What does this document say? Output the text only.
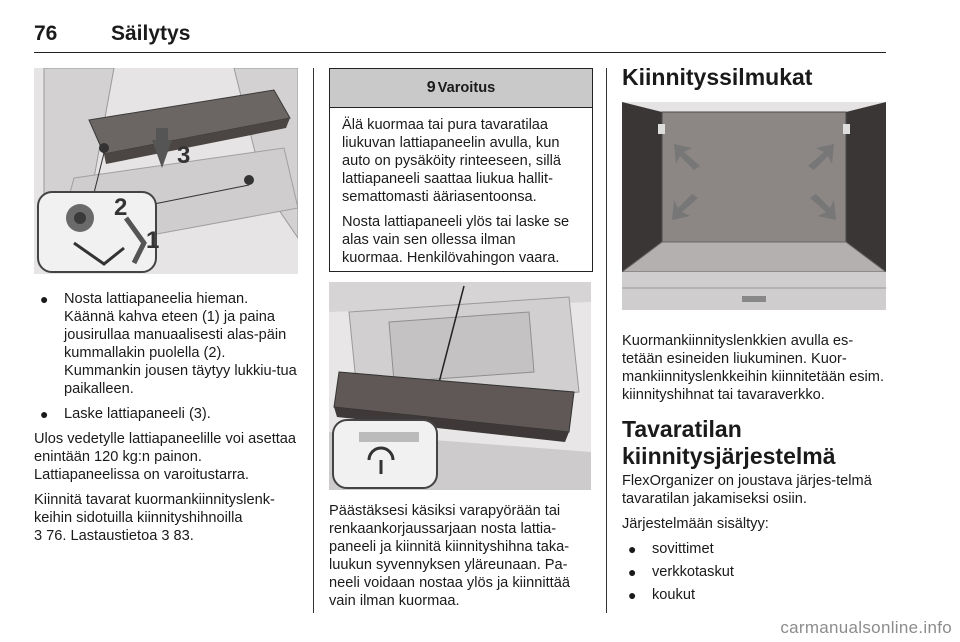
76	Säilytys
3
2
1
● Nosta lattiapaneelia hieman. Käännä kahva eteen (1) ja paina jousirullaa manuaalisesti alas-päin kummallakin puolella (2). Kummankin jousen täytyy lukkiu-tua paikalleen.
● Laske lattiapaneeli (3).

Ulos vedetylle lattiapaneelille voi asettaa enintään 120 kg:n painon. Lattiapaneelissa on varoitustarra.

Kiinnitä tavarat kuormankiinnityslenk-keihin sidotuilla kiinnityshihnoilla

3 76. Lastaustietoa 3 83.

9 Varoitus

Älä kuormaa tai pura tavaratilaa liukuvan lattiapaneelin avulla, kun auto on pysäköity rinteeseen, sillä lattiapaneeli saattaa liukua hallit-semattomasti ääriasentoonsa.

Nosta lattiapaneeli ylös tai laske se alas vain sen ollessa ilman kuormaa. Henkilövahingon vaara.

Päästäksesi käsiksi varapyörään tai renkaankorjaussarjaan nosta lattia-paneeli ja kiinnitä kiinnityshihna taka-luukun syvennyksen yläreunaan. Pa-neeli voidaan nostaa ylös ja kiinnittää vain ilman kuormaa.

Kiinnityssilmukat

Kuormankiinnityslenkkien avulla es-tetään esineiden liukuminen. Kuor-mankiinnityslenkkeihin kiinnitetään esim. kiinnityshihnat tai tavaraverkko.

Tavaratilan
kiinnitysjärjestelmä

FlexOrganizer on joustava järjes-telmä tavaratilan jakamiseksi osiin.

Järjestelmään sisältyy:

● sovittimet
● verkkotaskut
● koukut
carmanualsonline.info
